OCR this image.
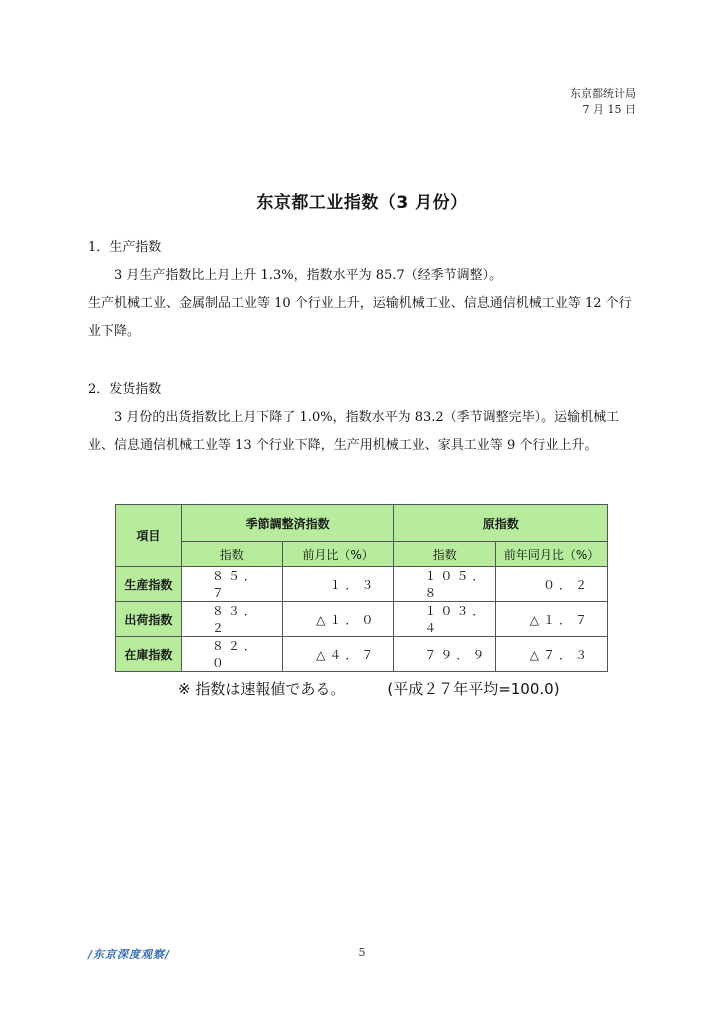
东京都统计局
7 月 15 日
东京都工业指数（3 月份）

1．生产指数

3 月生产指数比上月上升 1.3%，指数水平为 85.7（经季节调整）。

生产机械工业、金属制品工业等 10 个行业上升，运输机械工业、信息通信机械工业等 12 个行业下降。

2．发货指数

3 月份的出货指数比上月下降了 1.0%，指数水平为 83.2（季节调整完毕）。运输机械工业、信息通信机械工业等 13 个行业下降，生产用机械工业、家具工业等 9 个行业上升。

項目	季節調整済指数		原指数	
	指数	前月比（%）	指数	前年同月比（%）
生産指数	８５．７	１．３	１０５．８	０．２
出荷指数	８３．２	△１．０	１０３．４	△１．７
在庫指数	８２．０	△４．７	７９．９	△７．３
※ 指数は速報値である。	(平成２７年平均=100.0)
/东京深度观察/	5
